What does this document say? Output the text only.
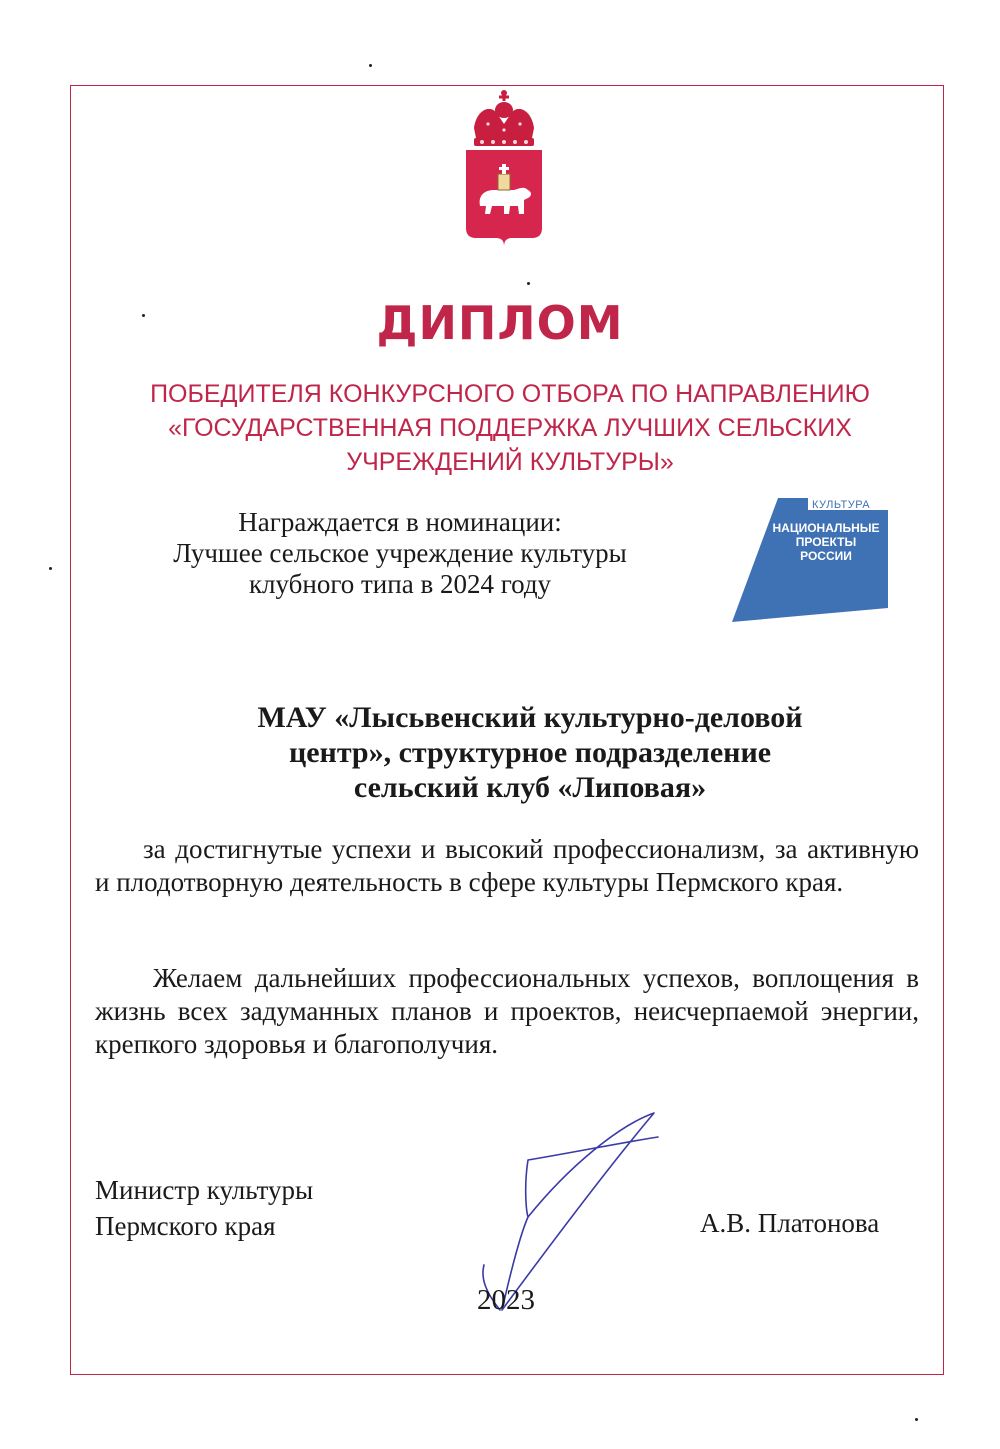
ДИПЛОМ
ПОБЕДИТЕЛЯ КОНКУРСНОГО ОТБОРА ПО НАПРАВЛЕНИЮ
«ГОСУДАРСТВЕННАЯ ПОДДЕРЖКА ЛУЧШИХ СЕЛЬСКИХ
УЧРЕЖДЕНИЙ КУЛЬТУРЫ»
Награждается в номинации:
Лучшее сельское учреждение культуры
клубного типа в 2024 году
КУЛЬТУРА
НАЦИОНАЛЬНЫЕ
ПРОЕКТЫ
РОССИИ
МАУ «Лысьвенский культурно-деловой
центр», структурное подразделение
сельский клуб «Липовая»
за достигнутые успехи и высокий профессионализм, за активную и плодотворную деятельность в сфере культуры Пермского края.
Желаем дальнейших профессиональных успехов, воплощения в жизнь всех задуманных планов и проектов, неисчерпаемой энергии, крепкого здоровья и благополучия.
Министр культуры
Пермского края	А.В. Платонова
2023
